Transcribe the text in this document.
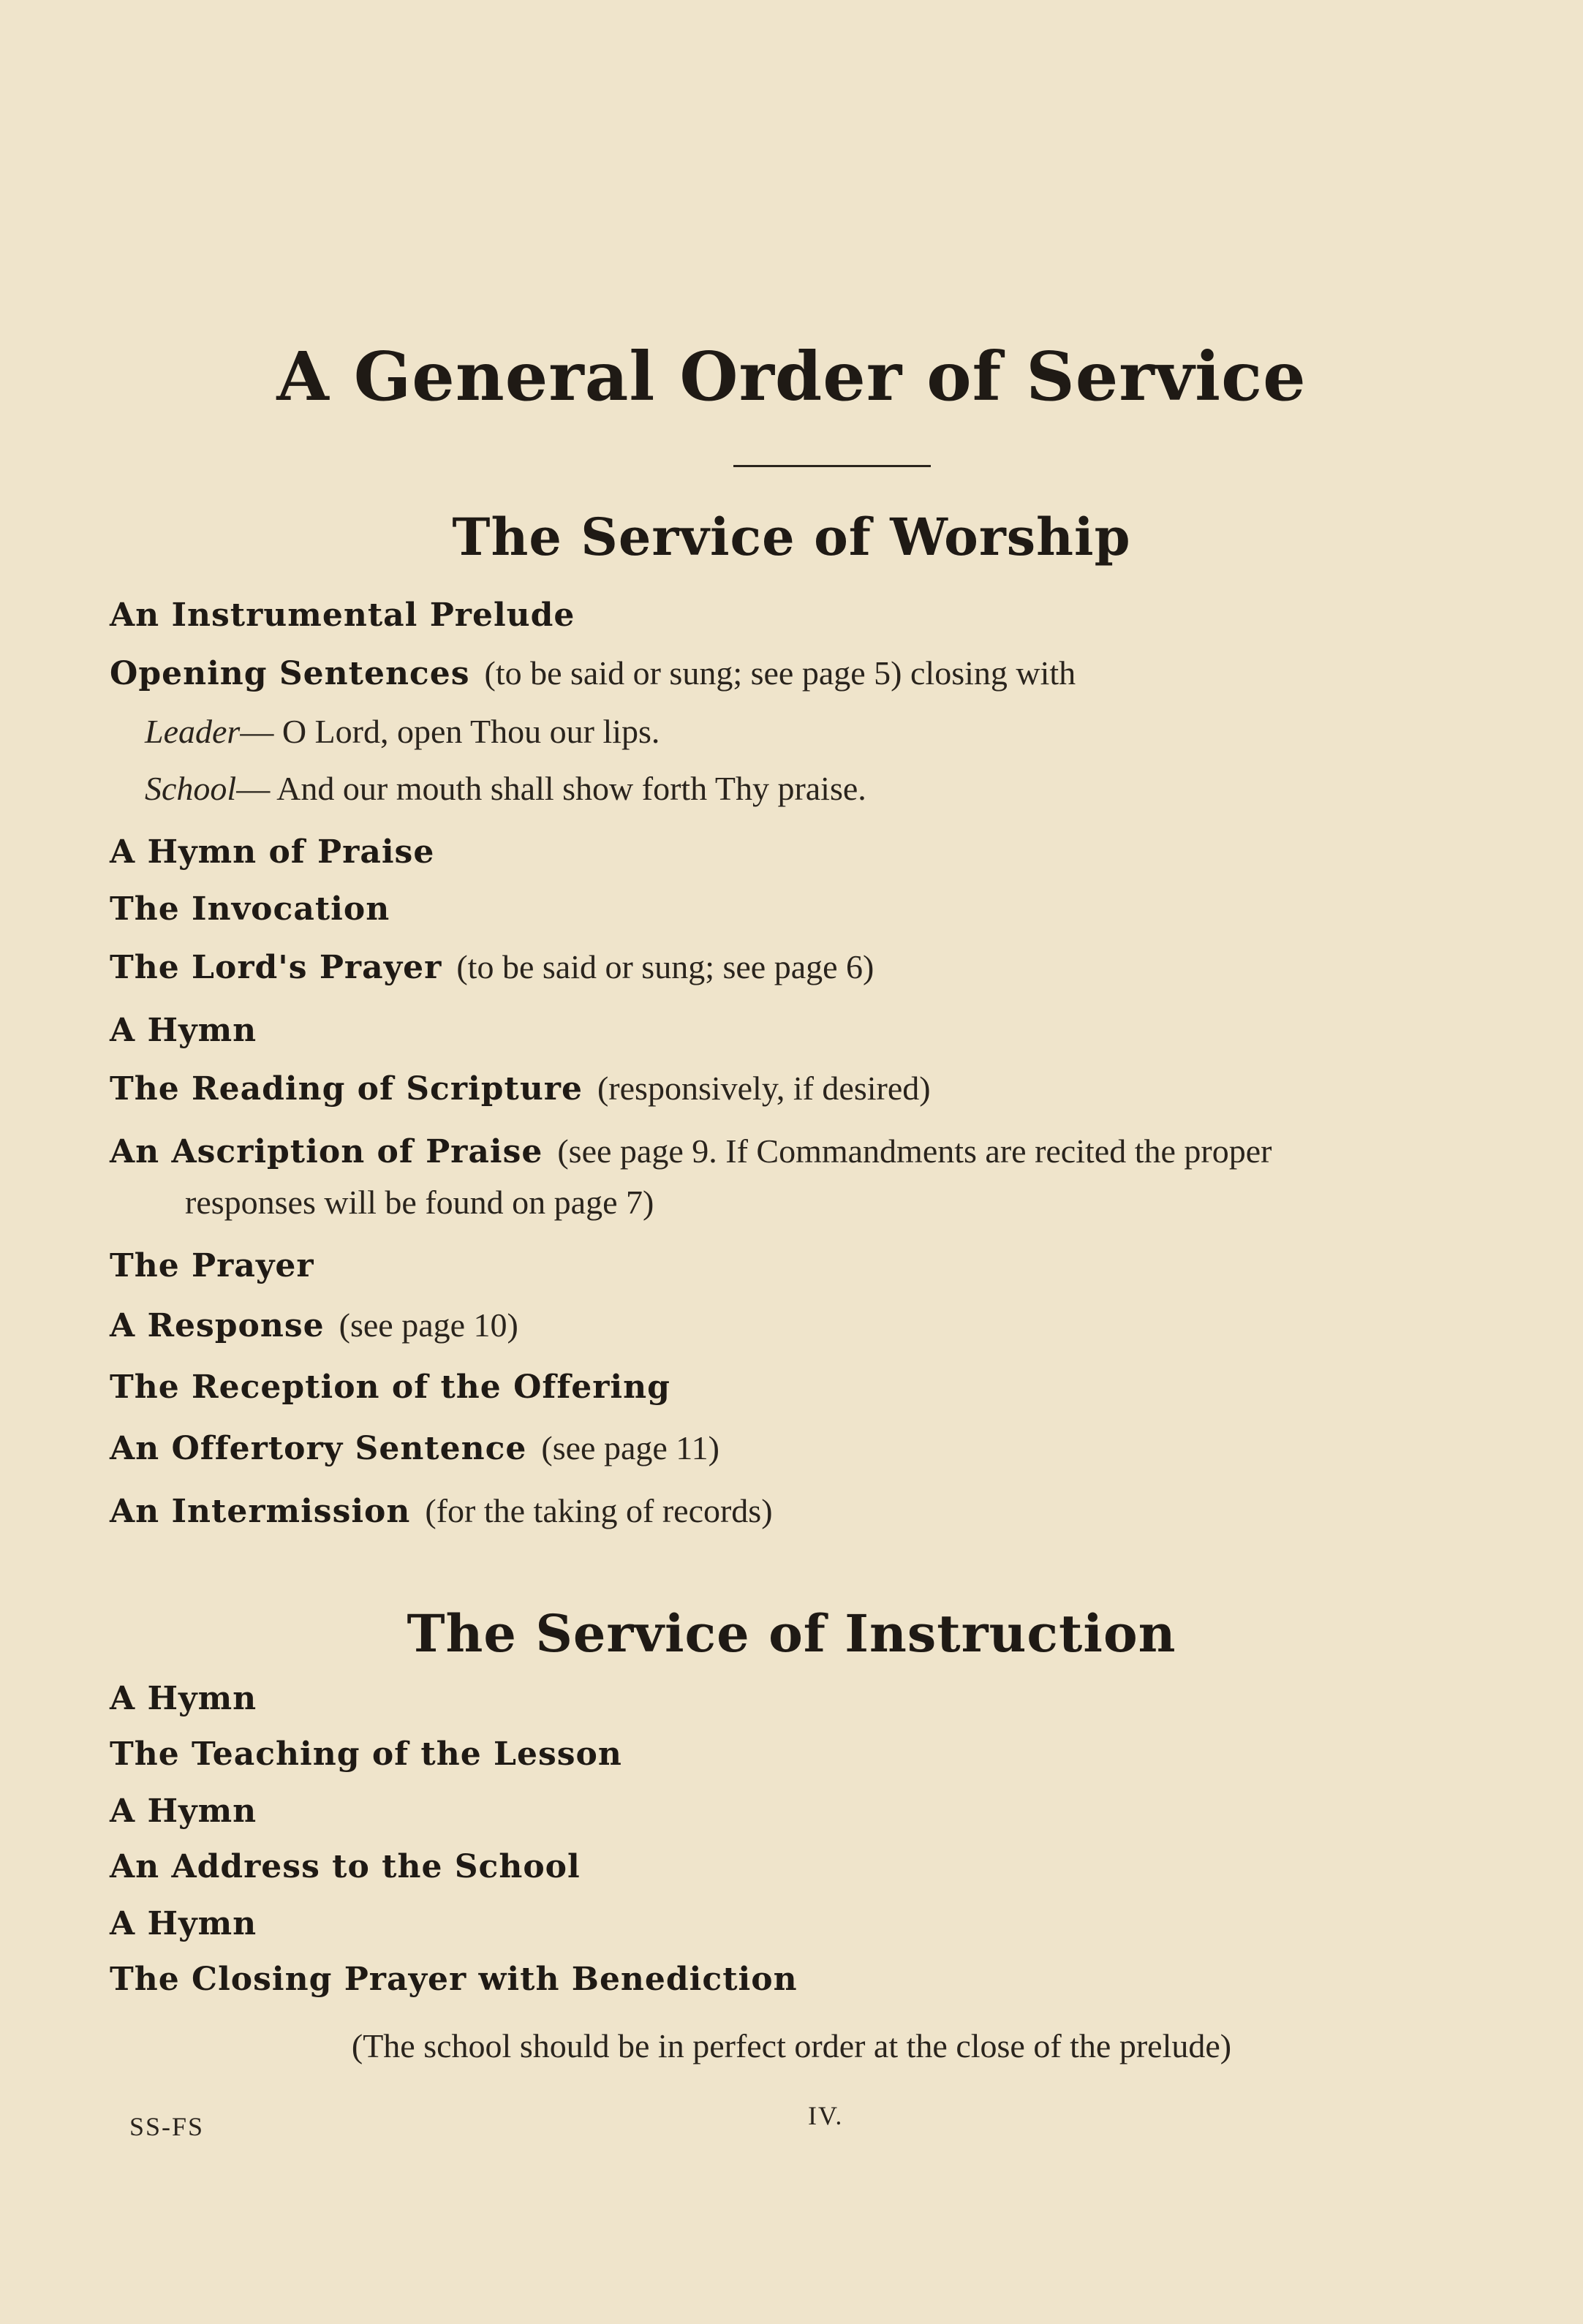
A General Order of Service
The Service of Worship
An Instrumental Prelude
Opening Sentences (to be said or sung; see page 5) closing with
Leader— O Lord, open Thou our lips.
School— And our mouth shall show forth Thy praise.
A Hymn of Praise
The Invocation
The Lord's Prayer (to be said or sung; see page 6)
A Hymn
The Reading of Scripture (responsively, if desired)
An Ascription of Praise (see page 9. If Commandments are recited the proper
responses will be found on page 7)
The Prayer
A Response (see page 10)
The Reception of the Offering
An Offertory Sentence (see page 11)
An Intermission (for the taking of records)
The Service of Instruction
A Hymn
The Teaching of the Lesson
A Hymn
An Address to the School
A Hymn
The Closing Prayer with Benediction
(The school should be in perfect order at the close of the prelude)
SS-FS	IV.
